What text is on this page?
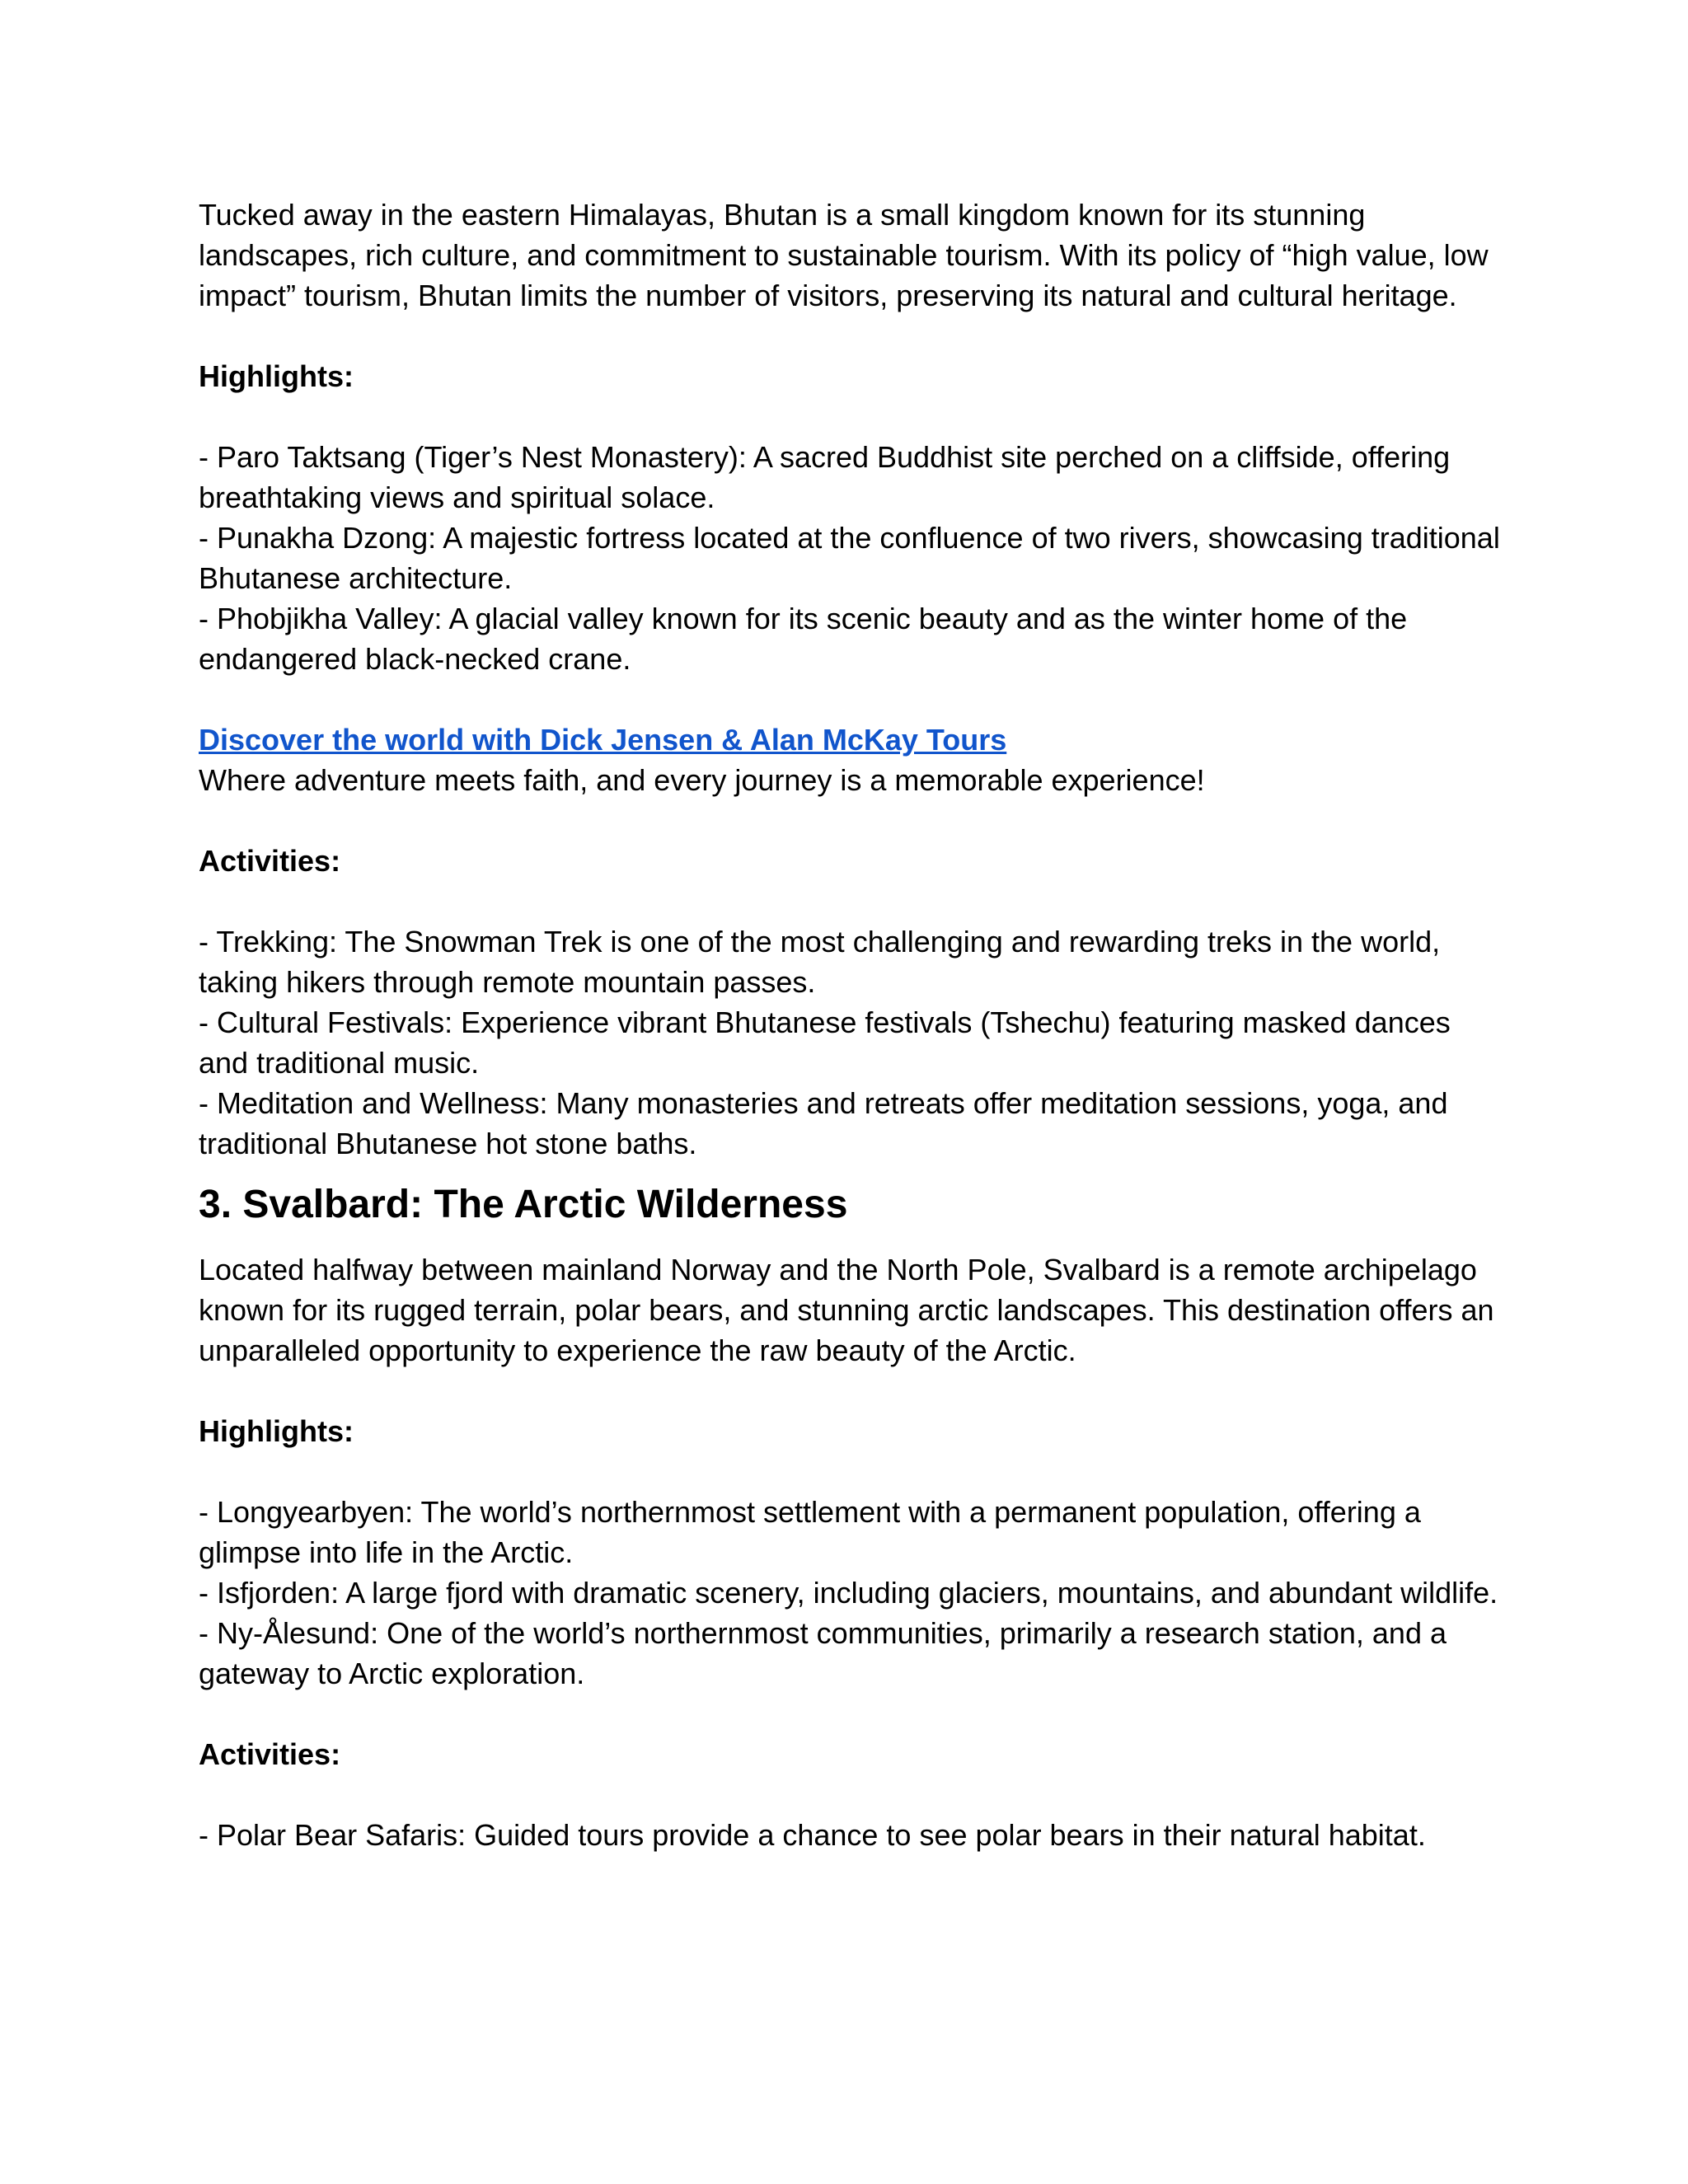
Tucked away in the eastern Himalayas, Bhutan is a small kingdom known for its stunning landscapes, rich culture, and commitment to sustainable tourism. With its policy of “high value, low impact” tourism, Bhutan limits the number of visitors, preserving its natural and cultural heritage.

Highlights:

- Paro Taktsang (Tiger’s Nest Monastery): A sacred Buddhist site perched on a cliffside, offering breathtaking views and spiritual solace.

- Punakha Dzong: A majestic fortress located at the confluence of two rivers, showcasing traditional Bhutanese architecture.

- Phobjikha Valley: A glacial valley known for its scenic beauty and as the winter home of the endangered black-necked crane.

Discover the world with Dick Jensen & Alan McKay Tours

Where adventure meets faith, and every journey is a memorable experience!

Activities:

- Trekking: The Snowman Trek is one of the most challenging and rewarding treks in the world, taking hikers through remote mountain passes.

- Cultural Festivals: Experience vibrant Bhutanese festivals (Tshechu) featuring masked dances and traditional music.

- Meditation and Wellness: Many monasteries and retreats offer meditation sessions, yoga, and traditional Bhutanese hot stone baths.

3. Svalbard: The Arctic Wilderness

Located halfway between mainland Norway and the North Pole, Svalbard is a remote archipelago known for its rugged terrain, polar bears, and stunning arctic landscapes. This destination offers an unparalleled opportunity to experience the raw beauty of the Arctic.

Highlights:

- Longyearbyen: The world’s northernmost settlement with a permanent population, offering a glimpse into life in the Arctic.

- Isfjorden: A large fjord with dramatic scenery, including glaciers, mountains, and abundant wildlife.

- Ny-Ålesund: One of the world’s northernmost communities, primarily a research station, and a gateway to Arctic exploration.

Activities:

- Polar Bear Safaris: Guided tours provide a chance to see polar bears in their natural habitat.
